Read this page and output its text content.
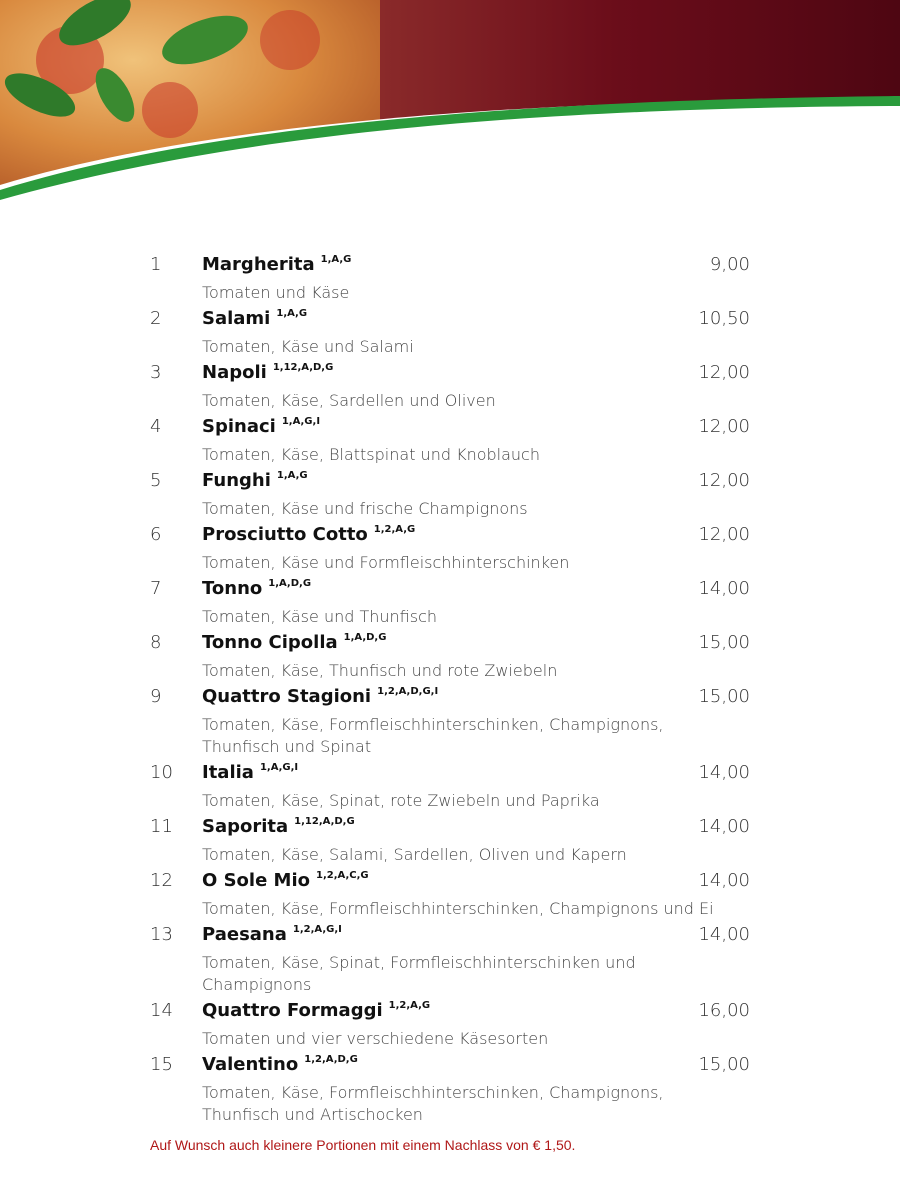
1 Margherita $^{1,A,G}$	9,00
Tomaten und Käse
2 Salami $^{1,A,G}$	10,50
Tomaten, Käse und Salami
3 Napoli $^{1,12,A,D,G}$	12,00
Tomaten, Käse, Sardellen und Oliven
4 Spinaci $^{1,A,G,I}$	12,00
Tomaten, Käse, Blattspinat und Knoblauch
5 Funghi $^{1,A,G}$	12,00
Tomaten, Käse und frische Champignons
6 Prosciutto Cotto $^{1,2,A,G}$	12,00
Tomaten, Käse und Formfleischhinterschinken
7 Tonno $^{1,A,D,G}$	14,00
Tomaten, Käse und Thunfisch
8 Tonno Cipolla $^{1,A,D,G}$	15,00
Tomaten, Käse, Thunfisch und rote Zwiebeln
9 Quattro Stagioni $^{1,2,A,D,G,I}$	15,00
Tomaten, Käse, Formfleischhinterschinken, Champignons, Thunfisch und Spinat
10 Italia $^{1,A,G,I}$	14,00
Tomaten, Käse, Spinat, rote Zwiebeln und Paprika
11 Saporita $^{1,12,A,D,G}$	14,00
Tomaten, Käse, Salami, Sardellen, Oliven und Kapern
12 O Sole Mio $^{1,2,A,C,G}$	14,00
Tomaten, Käse, Formfleischhinterschinken, Champignons und Ei
13 Paesana $^{1,2,A,G,I}$	14,00
Tomaten, Käse, Spinat, Formfleischhinterschinken und Champignons
14 Quattro Formaggi $^{1,2,A,G}$	16,00
Tomaten und vier verschiedene Käsesorten
15 Valentino $^{1,2,A,D,G}$	15,00
Tomaten, Käse, Formfleischhinterschinken, Champignons, Thunfisch und Artischocken
Auf Wunsch auch kleinere Portionen mit einem Nachlass von € 1,50.
